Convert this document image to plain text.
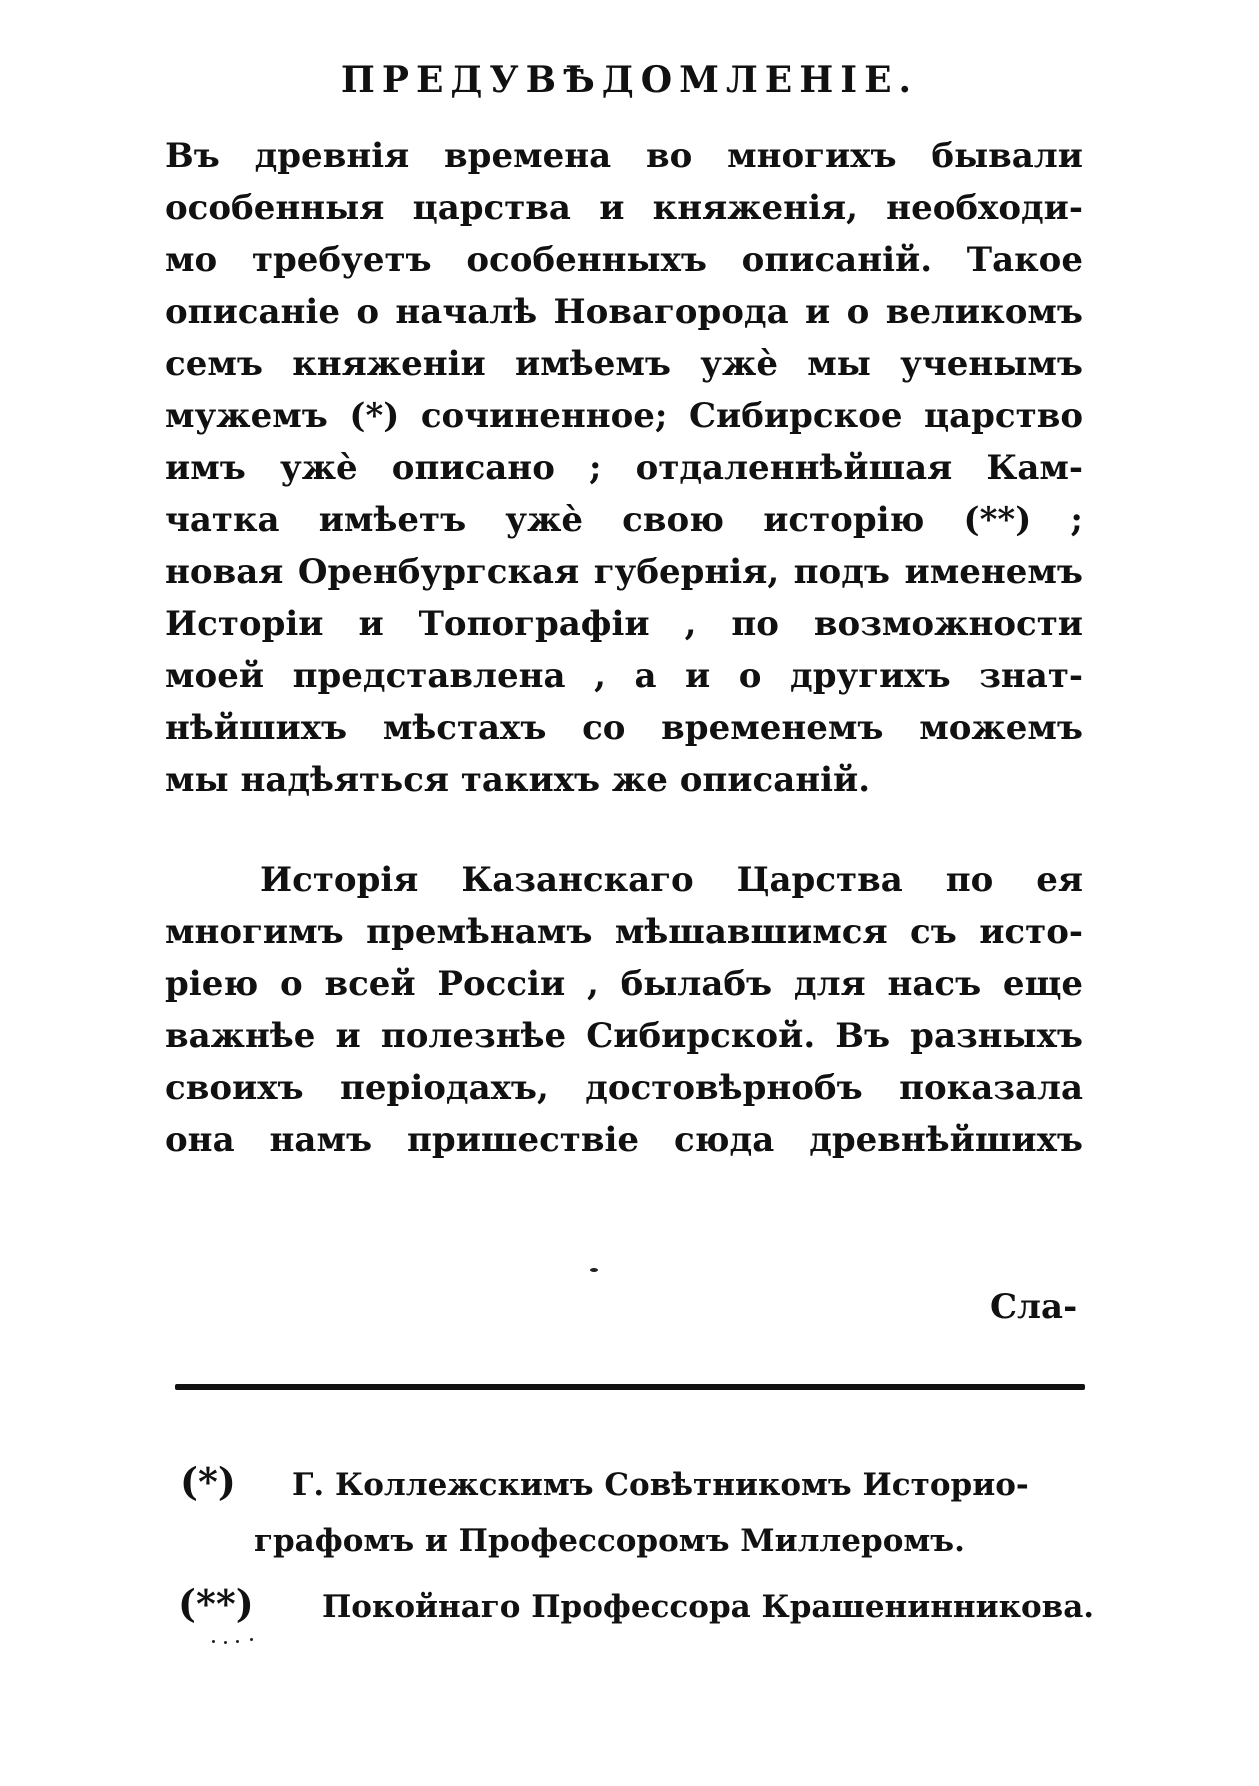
ПРЕДУВѢДОМЛЕНІЕ.
Въ древнія времена во многихъ бывали
особенныя царства и княженія, необходи-
мо требуетъ особенныхъ описаній. Такое
описаніе о началѣ Новагорода и о великомъ
семъ княженіи имѣемъ ужѐ мы ученымъ
мужемъ (*) сочиненное; Сибирское царство
имъ ужѐ описано ; отдаленнѣйшая Кам-
чатка имѣетъ ужѐ свою исторію (**) ;
новая Оренбургская губернія, подъ именемъ
Исторіи и Топографіи , по возможности
моей представлена , а и о другихъ знат-
нѣйшихъ мѣстахъ со временемъ можемъ
мы надѣяться такихъ же описаній.
Исторія Казанскаго Царства по ея
многимъ премѣнамъ мѣшавшимся съ исто-
ріею о всей Россіи , былабъ для насъ еще
важнѣе и полезнѣе Сибирской. Въ разныхъ
своихъ періодахъ, достовѣрнобъ показала
она намъ пришествіе сюда древнѣйшихъ
Сла-
(*) Г. Коллежскимъ Совѣтникомъ Историо-
графомъ и Профессоромъ Миллеромъ.
(**) Покойнаго Профессора Крашенинникова.
